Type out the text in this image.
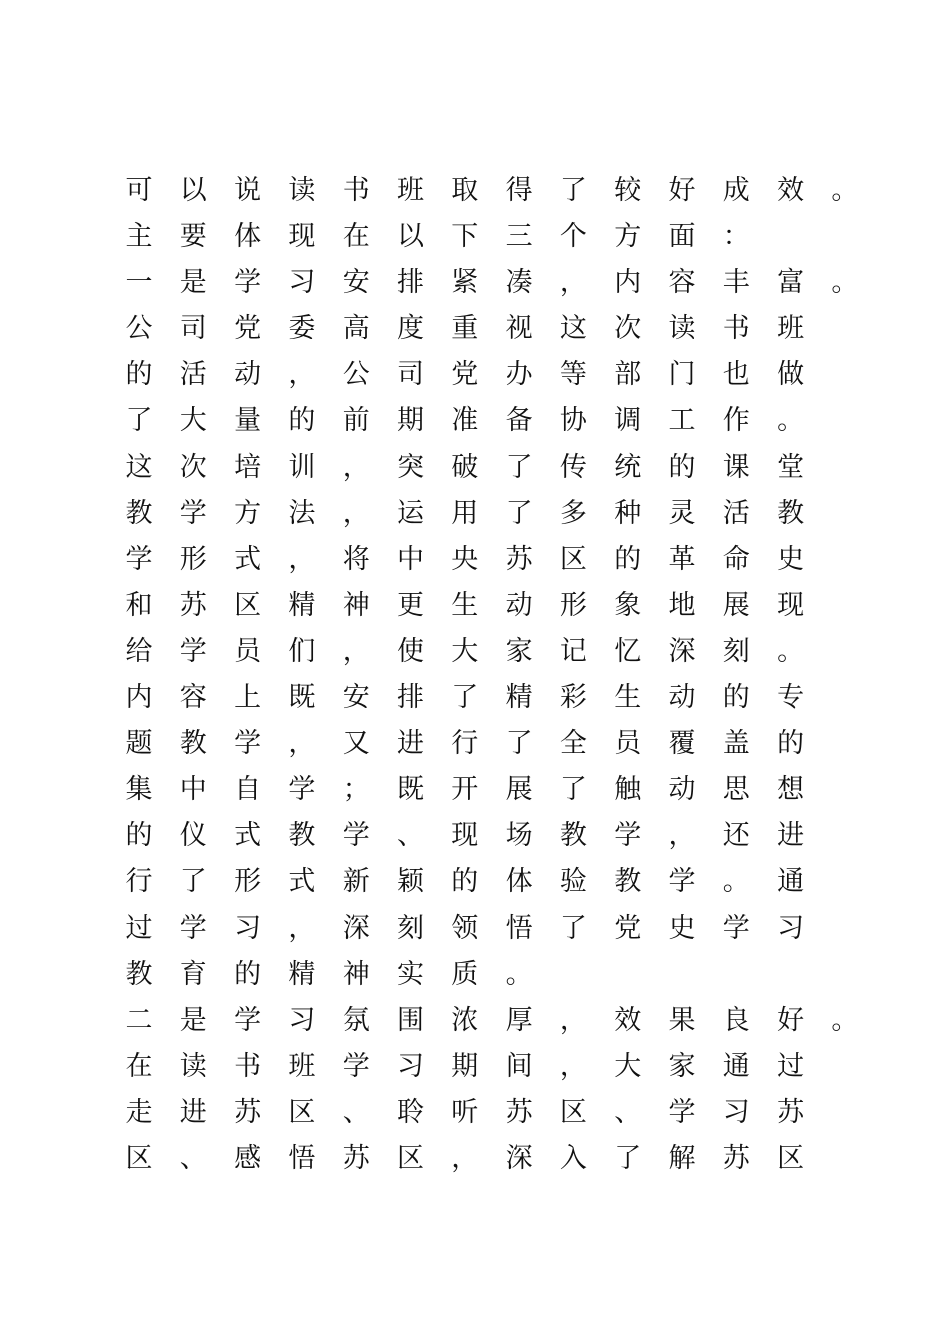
可 以 说 读 书 班 取 得 了 较 好 成 效 。
主 要 体 现 在 以 下 三 个 方 面 ：
一 是 学 习 安 排 紧 凑 ， 内 容 丰 富 。
公 司 党 委 高 度 重 视 这 次 读 书 班
的 活 动 ， 公 司 党 办 等 部 门 也 做
了 大 量 的 前 期 准 备 协 调 工 作 。
这 次 培 训 ， 突 破 了 传 统 的 课 堂
教 学 方 法 ， 运 用 了 多 种 灵 活 教
学 形 式 ， 将 中 央 苏 区 的 革 命 史
和 苏 区 精 神 更 生 动 形 象 地 展 现
给 学 员 们 ， 使 大 家 记 忆 深 刻 。
内 容 上 既 安 排 了 精 彩 生 动 的 专
题 教 学 ， 又 进 行 了 全 员 覆 盖 的
集 中 自 学 ； 既 开 展 了 触 动 思 想
的 仪 式 教 学 、 现 场 教 学 ， 还 进
行 了 形 式 新 颖 的 体 验 教 学 。 通
过 学 习 ， 深 刻 领 悟 了 党 史 学 习
教 育 的 精 神 实 质 。
二 是 学 习 氛 围 浓 厚 ， 效 果 良 好 。
在 读 书 班 学 习 期 间 ， 大 家 通 过
走 进 苏 区 、 聆 听 苏 区 、 学 习 苏
区 、 感 悟 苏 区 ， 深 入 了 解 苏 区
